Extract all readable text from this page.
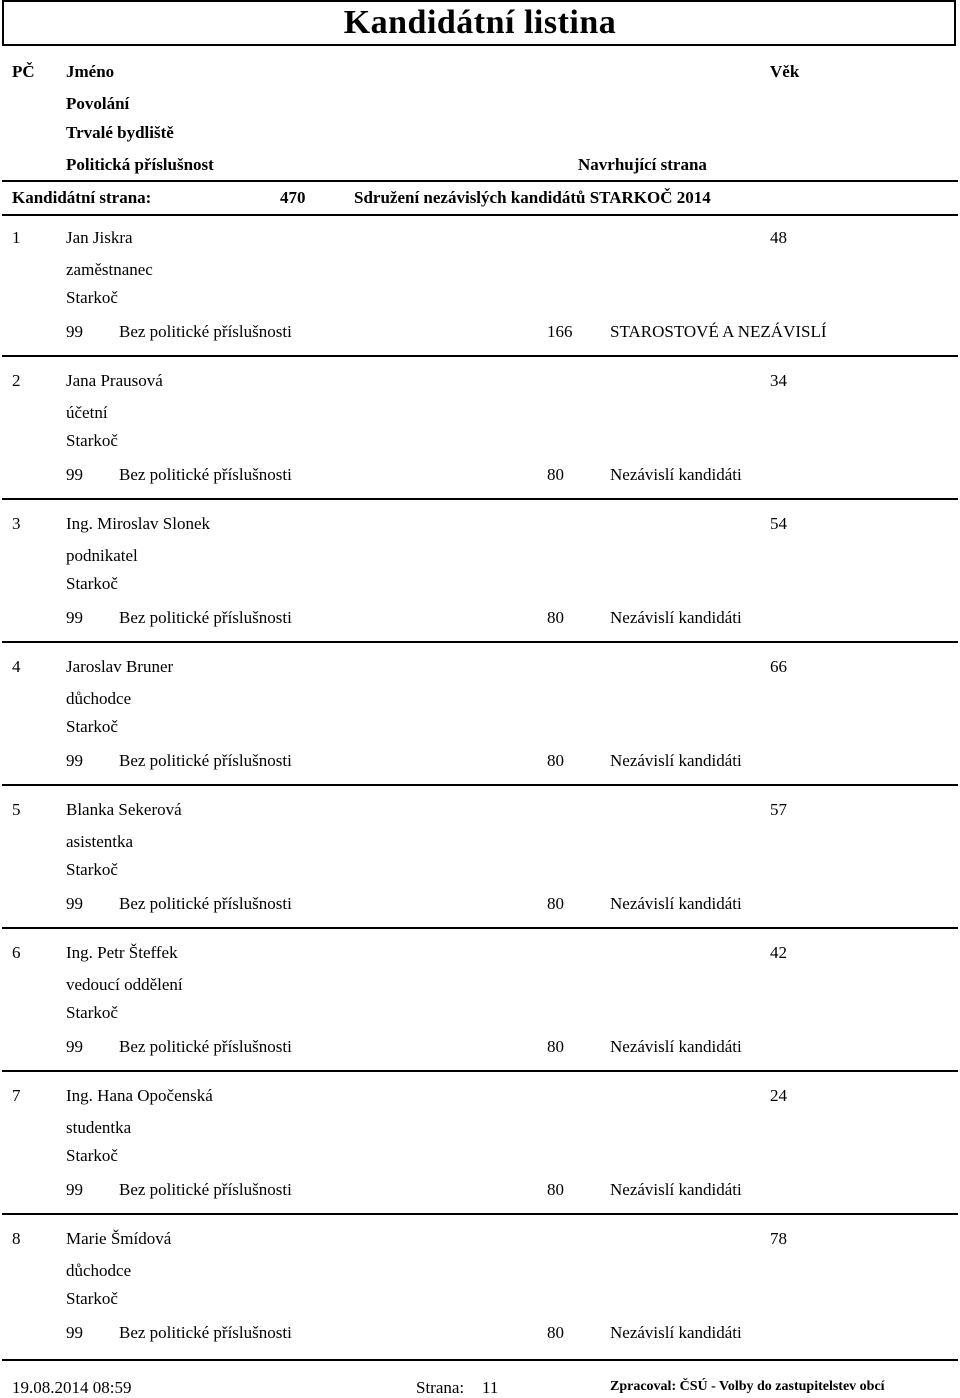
Kandidátní listina
PČ Jméno	Věk
Povolání
Trvalé bydliště
Politická příslušnost	Navrhující strana
Kandidátní strana:	470	Sdružení nezávislých kandidátů STARKOČ 2014
1	Jan Jiskra	48
zaměstnanec
Starkoč
99 Bez politické příslušnosti	166 STAROSTOVÉ A NEZÁVISLÍ
2	Jana Prausová	34
účetní
Starkoč
99 Bez politické příslušnosti	80	Nezávislí kandidáti
3	Ing. Miroslav Slonek	54
podnikatel
Starkoč
99 Bez politické příslušnosti	80	Nezávislí kandidáti
4	Jaroslav Bruner	66
důchodce
Starkoč
99 Bez politické příslušnosti	80	Nezávislí kandidáti
5	Blanka Sekerová	57
asistentka
Starkoč
99 Bez politické příslušnosti	80	Nezávislí kandidáti
6	Ing. Petr Šteffek	42
vedoucí oddělení
Starkoč
99 Bez politické příslušnosti	80	Nezávislí kandidáti
7	Ing. Hana Opočenská	24
studentka
Starkoč
99 Bez politické příslušnosti	80	Nezávislí kandidáti
8	Marie Šmídová	78
důchodce
Starkoč
99 Bez politické příslušnosti	80	Nezávislí kandidáti
19.08.2014 08:59	Strana: 11	Zpracoval: ČSÚ - Volby do zastupitelstev obcí
